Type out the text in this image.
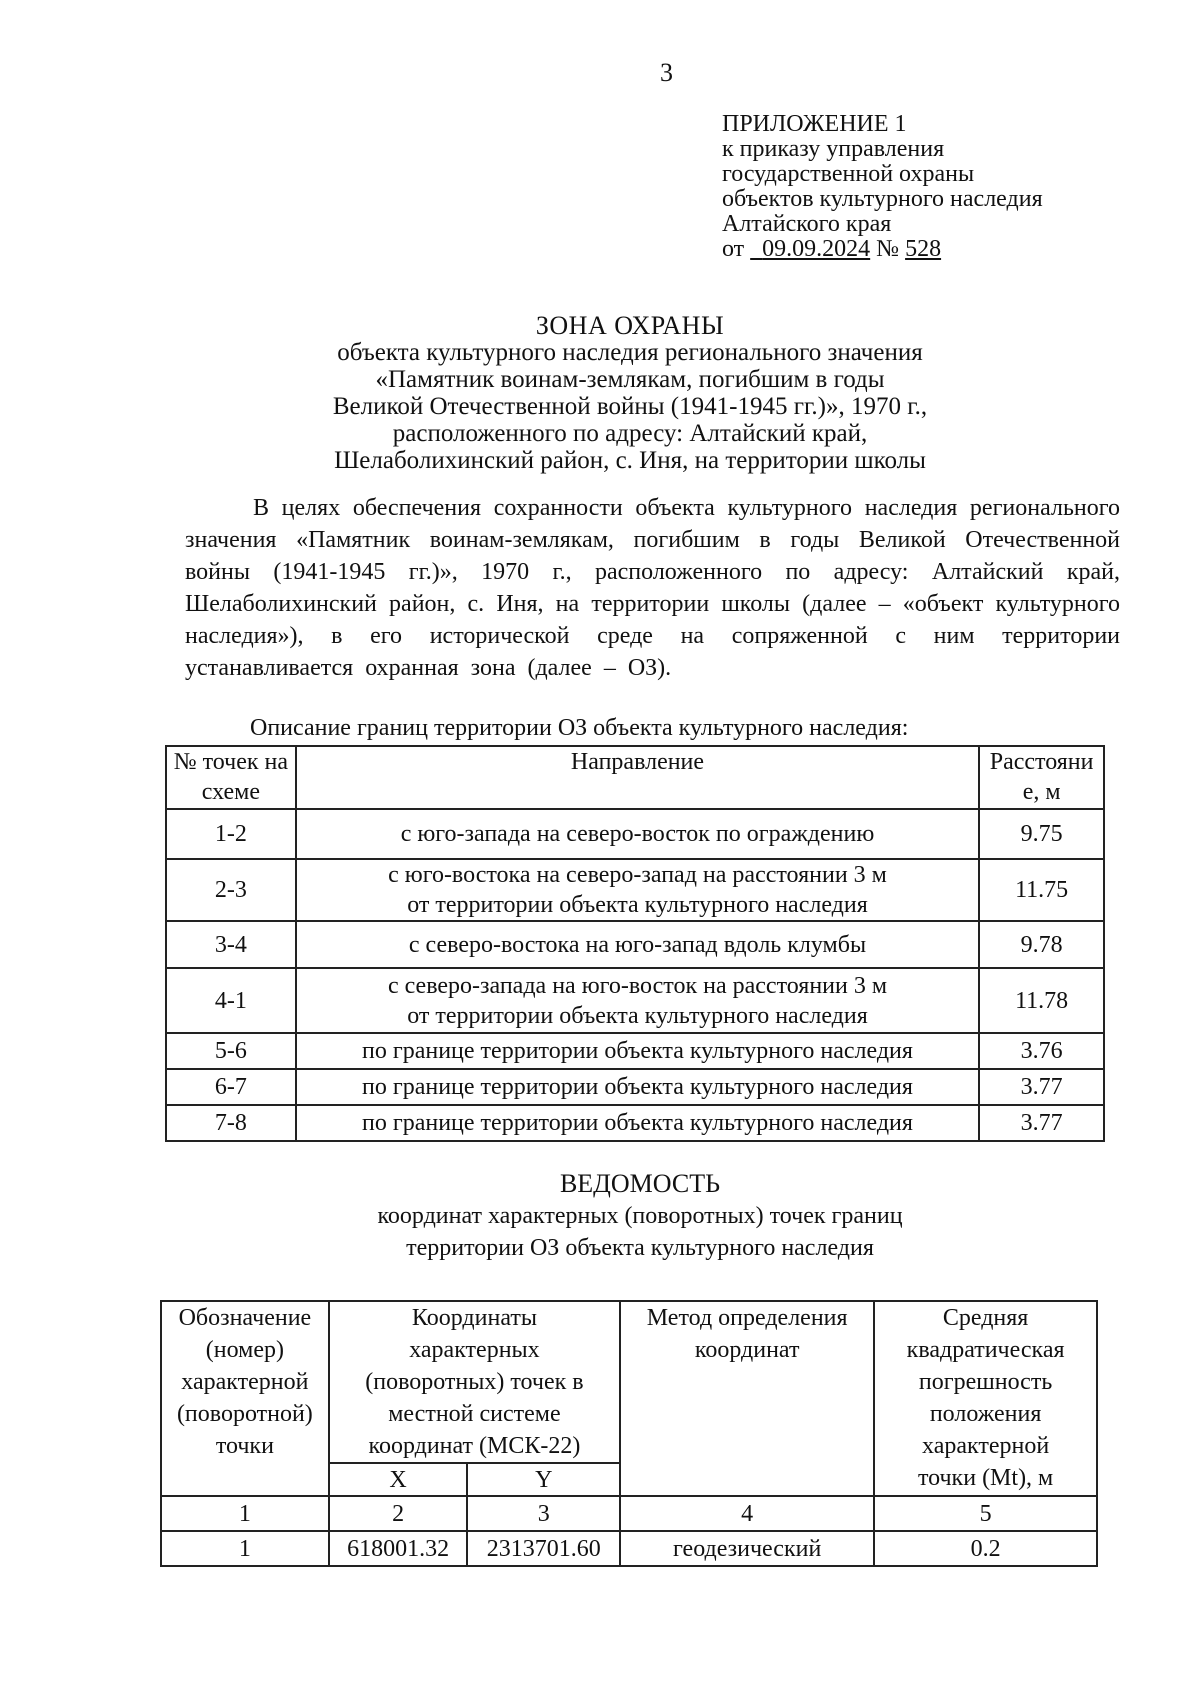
3
ПРИЛОЖЕНИЕ 1
к приказу управления
государственной охраны
объектов культурного наследия
Алтайского края
от 09.09.2024 № 528
ЗОНА ОХРАНЫ
объекта культурного наследия регионального значения
«Памятник воинам-землякам, погибшим в годы
Великой Отечественной войны (1941-1945 гг.)», 1970 г.,
расположенного по адресу: Алтайский край,
Шелаболихинский район, с. Иня, на территории школы
В целях обеспечения сохранности объекта культурного наследия регионального значения «Памятник воинам-землякам, погибшим в годы Великой Отечественной войны (1941-1945 гг.)», 1970 г., расположенного по адресу: Алтайский край, Шелаболихинский район, с. Иня, на территории школы (далее – «объект культурного наследия»), в его исторической среде на сопряженной с ним территории устанавливается охранная зона (далее – ОЗ).
Описание границ территории ОЗ объекта культурного наследия:
№ точек на схеме	Направление	Расстояние, м
1-2	с юго-запада на северо-восток по ограждению	9.75
2-3	с юго-востока на северо-запад на расстоянии 3 м от территории объекта культурного наследия	11.75
3-4	с северо-востока на юго-запад вдоль клумбы	9.78
4-1	с северо-запада на юго-восток на расстоянии 3 м от территории объекта культурного наследия	11.78
5-6	по границе территории объекта культурного наследия	3.76
6-7	по границе территории объекта культурного наследия	3.77
7-8	по границе территории объекта культурного наследия	3.77
ВЕДОМОСТЬ
координат характерных (поворотных) точек границ
территории ОЗ объекта культурного наследия
Обозначение (номер) характерной (поворотной) точки	Координаты характерных (поворотных) точек в местной системе координат (МСК-22)		Метод определения координат	Средняя квадратическая погрешность положения характерной точки (Mt), м
	X	Y		
1	2	3	4	5
1	618001.32	2313701.60	геодезический	0.2
